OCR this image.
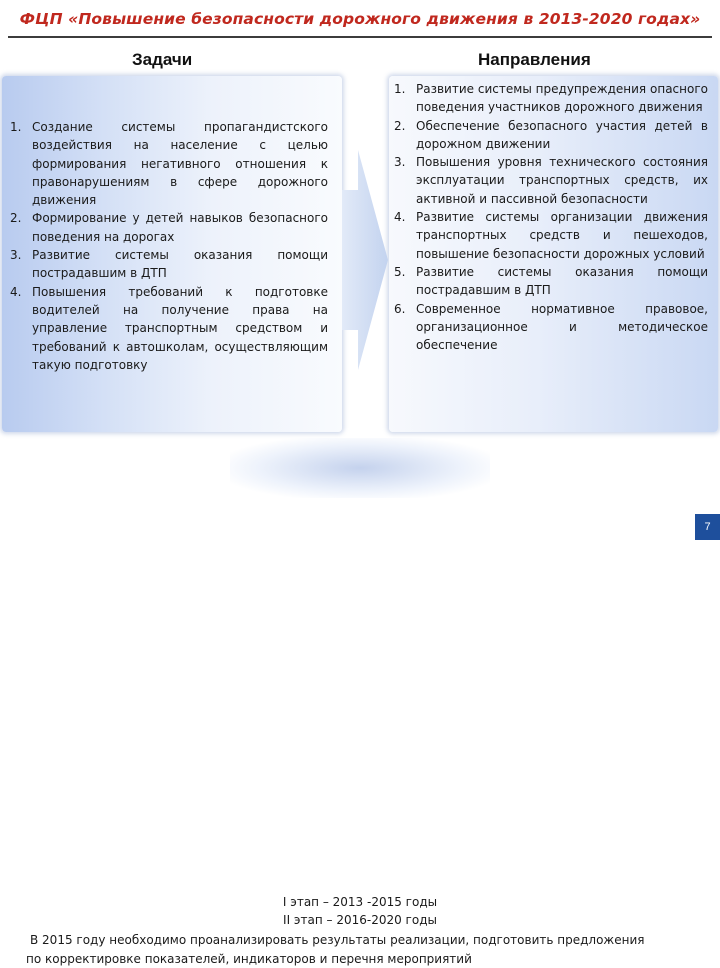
ФЦП «Повышение безопасности дорожного движения в 2013-2020 годах»
Задачи	Направления
1. Создание системы пропагандистского воздействия на население с целью формирования негативного отношения к правонарушениям в сфере дорожного движения
2. Формирование у детей навыков безопасного поведения на дорогах
3. Развитие системы оказания помощи пострадавшим в ДТП
4. Повышения требований к подготовке водителей на получение права на управление транспортным средством и требований к автошколам, осуществляющим такую подготовку
1. Развитие системы предупреждения опасного поведения участников дорожного движения
2. Обеспечение безопасного участия детей в дорожном движении
3. Повышения уровня технического состояния эксплуатации транспортных средств, их активной и пассивной безопасности
4. Развитие системы организации движения транспортных средств и пешеходов, повышение безопасности дорожных условий
5. Развитие системы оказания помощи пострадавшим в ДТП
6. Современное нормативное правовое, организационное и методическое обеспечение
I этап – 2013 -2015 годы
II этап – 2016-2020 годы
В 2015 году необходимо проанализировать результаты реализации, подготовить предложения
по корректировке показателей, индикаторов и перечня мероприятий
7
